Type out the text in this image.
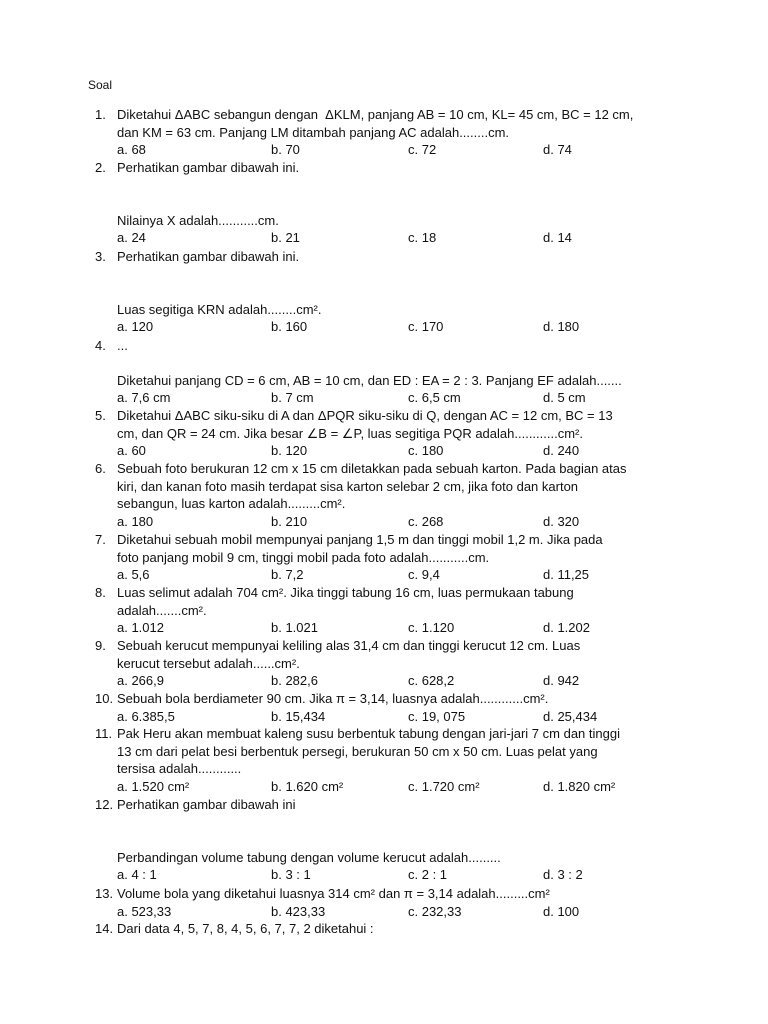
Soal
1. Diketahui ΔABC sebangun dengan  ΔKLM, panjang AB = 10 cm, KL= 45 cm, BC = 12 cm,
dan KM = 63 cm. Panjang LM ditambah panjang AC adalah........cm.
a. 68	b. 70	c. 72	d. 74
2. Perhatikan gambar dibawah ini.
Nilainya X adalah...........cm.
a. 24	b. 21	c. 18	d. 14
3. Perhatikan gambar dibawah ini.
Luas segitiga KRN adalah........cm².
a. 120	b. 160	c. 170	d. 180
4. ...
Diketahui panjang CD = 6 cm, AB = 10 cm, dan ED : EA = 2 : 3. Panjang EF adalah.......
a. 7,6 cm	b. 7 cm	c. 6,5 cm	d. 5 cm
5. Diketahui ΔABC siku-siku di A dan ΔPQR siku-siku di Q, dengan AC = 12 cm, BC = 13
cm, dan QR = 24 cm. Jika besar ∠B = ∠P, luas segitiga PQR adalah............cm².
a. 60	b. 120	c. 180	d. 240
6. Sebuah foto berukuran 12 cm x 15 cm diletakkan pada sebuah karton. Pada bagian atas
kiri, dan kanan foto masih terdapat sisa karton selebar 2 cm, jika foto dan karton
sebangun, luas karton adalah.........cm².
a. 180	b. 210	c. 268	d. 320
7. Diketahui sebuah mobil mempunyai panjang 1,5 m dan tinggi mobil 1,2 m. Jika pada
foto panjang mobil 9 cm, tinggi mobil pada foto adalah...........cm.
a. 5,6	b. 7,2	c. 9,4	d. 11,25
8. Luas selimut adalah 704 cm². Jika tinggi tabung 16 cm, luas permukaan tabung
adalah.......cm².
a. 1.012	b. 1.021	c. 1.120	d. 1.202
9. Sebuah kerucut mempunyai keliling alas 31,4 cm dan tinggi kerucut 12 cm. Luas
kerucut tersebut adalah......cm².
a. 266,9	b. 282,6	c. 628,2	d. 942
10. Sebuah bola berdiameter 90 cm. Jika π = 3,14, luasnya adalah............cm².
a. 6.385,5	b. 15,434	c. 19, 075	d. 25,434
11. Pak Heru akan membuat kaleng susu berbentuk tabung dengan jari-jari 7 cm dan tinggi
13 cm dari pelat besi berbentuk persegi, berukuran 50 cm x 50 cm. Luas pelat yang
tersisa adalah............
a. 1.520 cm²	b. 1.620 cm²	c. 1.720 cm²	d. 1.820 cm²
12. Perhatikan gambar dibawah ini
Perbandingan volume tabung dengan volume kerucut adalah.........
a. 4 : 1	b. 3 : 1	c. 2 : 1	d. 3 : 2
13. Volume bola yang diketahui luasnya 314 cm² dan π = 3,14 adalah.........cm²
a. 523,33	b. 423,33	c. 232,33	d. 100
14. Dari data 4, 5, 7, 8, 4, 5, 6, 7, 7, 2 diketahui :
